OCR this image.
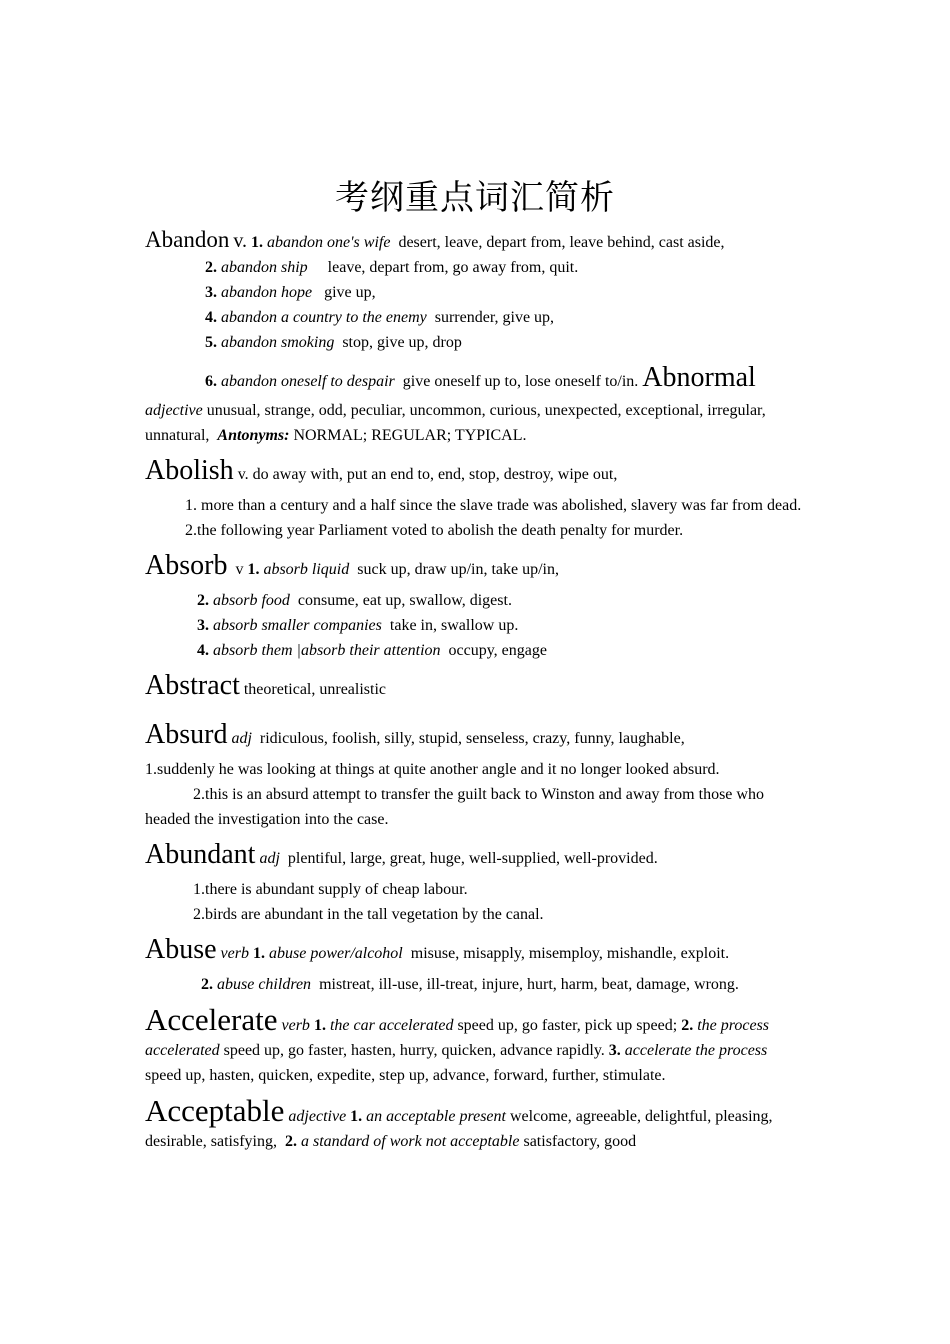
考纲重点词汇简析
Abandon v. 1. abandon one's wife desert, leave, depart from, leave behind, cast aside,
2. abandon ship leave, depart from, go away from, quit.
3. abandon hope give up,
4. abandon a country to the enemy surrender, give up,
5. abandon smoking stop, give up, drop
6. abandon oneself to despair give oneself up to, lose oneself to/in. Abnormal
adjective unusual, strange, odd, peculiar, uncommon, curious, unexpected, exceptional, irregular, unnatural, Antonyms: NORMAL; REGULAR; TYPICAL.
Abolish v. do away with, put an end to, end, stop, destroy, wipe out,
1. more than a century and a half since the slave trade was abolished, slavery was far from dead.
2.the following year Parliament voted to abolish the death penalty for murder.
Absorb v 1. absorb liquid suck up, draw up/in, take up/in,
2. absorb food consume, eat up, swallow, digest.
3. absorb smaller companies take in, swallow up.
4. absorb them |absorb their attention occupy, engage
Abstract theoretical, unrealistic
Absurd adj ridiculous, foolish, silly, stupid, senseless, crazy, funny, laughable,
1.suddenly he was looking at things at quite another angle and it no longer looked absurd.
2.this is an absurd attempt to transfer the guilt back to Winston and away from those who headed the investigation into the case.
Abundant adj plentiful, large, great, huge, well-supplied, well-provided.
1.there is abundant supply of cheap labour.
2.birds are abundant in the tall vegetation by the canal.
Abuse verb 1. abuse power/alcohol misuse, misapply, misemploy, mishandle, exploit.
2. abuse children mistreat, ill-use, ill-treat, injure, hurt, harm, beat, damage, wrong.
Accelerate verb 1. the car accelerated speed up, go faster, pick up speed; 2. the process accelerated speed up, go faster, hasten, hurry, quicken, advance rapidly. 3. accelerate the process speed up, hasten, quicken, expedite, step up, advance, forward, further, stimulate.
Acceptable adjective 1. an acceptable present welcome, agreeable, delightful, pleasing, desirable, satisfying, 2. a standard of work not acceptable satisfactory, good
